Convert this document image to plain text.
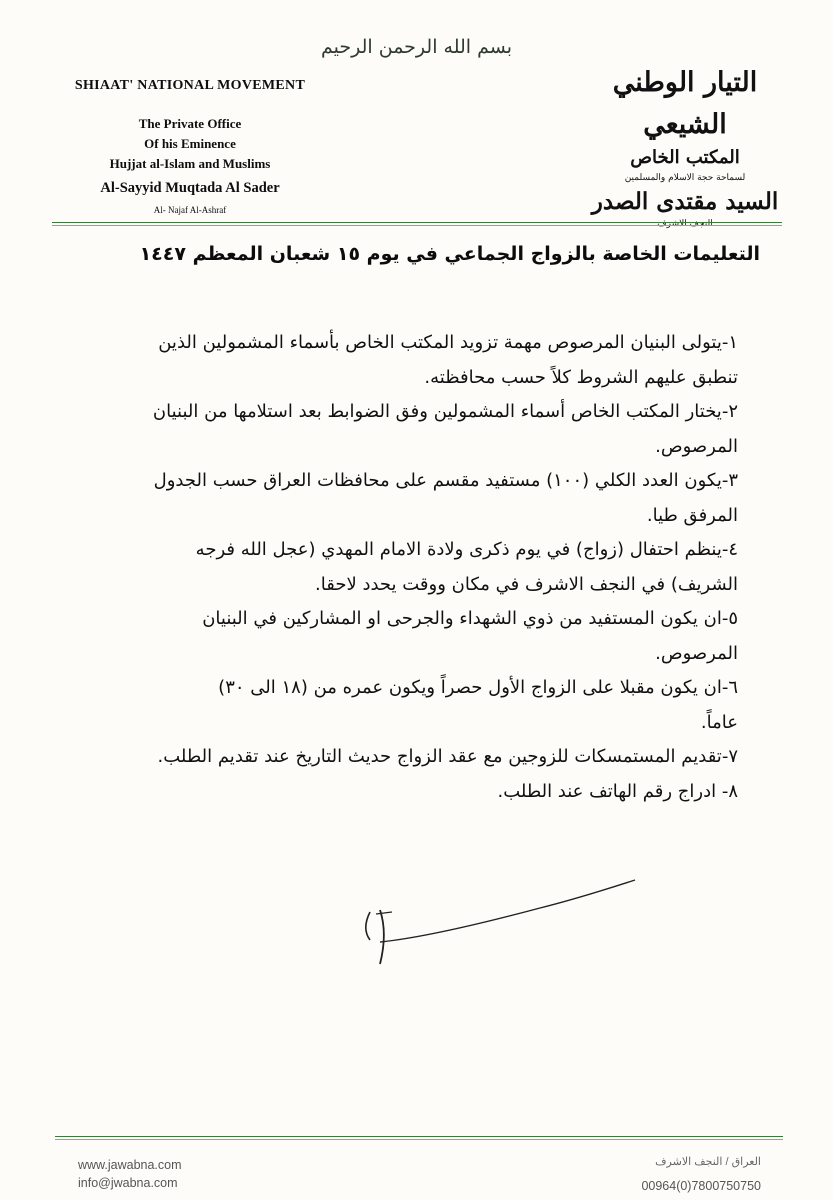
بسم الله الرحمن الرحيم
SHIAAT' NATIONAL MOVEMENT
The Private Office
Of his Eminence
Hujjat al-Islam and Muslims
Al-Sayyid Muqtada Al Sader
Al- Najaf Al-Ashraf
التيار الوطني الشيعي
المكتب الخاص
لسماحة حجة الاسلام والمسلمين
السيد مقتدى الصدر
النجف الاشرف
التعليمات الخاصة بالزواج الجماعي في يوم ١٥ شعبان المعظم ١٤٤٧
١-يتولى البنيان المرصوص مهمة تزويد المكتب الخاص بأسماء المشمولين الذين
تنطبق عليهم الشروط كلاً حسب محافظته.
٢-يختار المكتب الخاص أسماء المشمولين وفق الضوابط بعد استلامها من البنيان
المرصوص.
٣-يكون العدد الكلي (١٠٠) مستفيد مقسم على محافظات العراق حسب الجدول
المرفق طيا.
٤-ينظم احتفال (زواج) في يوم ذكرى ولادة الامام المهدي (عجل الله فرجه
الشريف) في النجف الاشرف في مكان ووقت يحدد لاحقا.
٥-ان يكون المستفيد من ذوي الشهداء والجرحى او المشاركين في البنيان
المرصوص.
٦-ان يكون مقبلا على الزواج الأول حصراً ويكون عمره من (١٨ الى ٣٠)
عاماً.
٧-تقديم المستمسكات للزوجين مع عقد الزواج حديث التاريخ عند تقديم الطلب.
٨- ادراج رقم الهاتف عند الطلب.
www.jawabna.com
info@jwabna.com
العراق / النجف الاشرف
00964(0)7800750750
